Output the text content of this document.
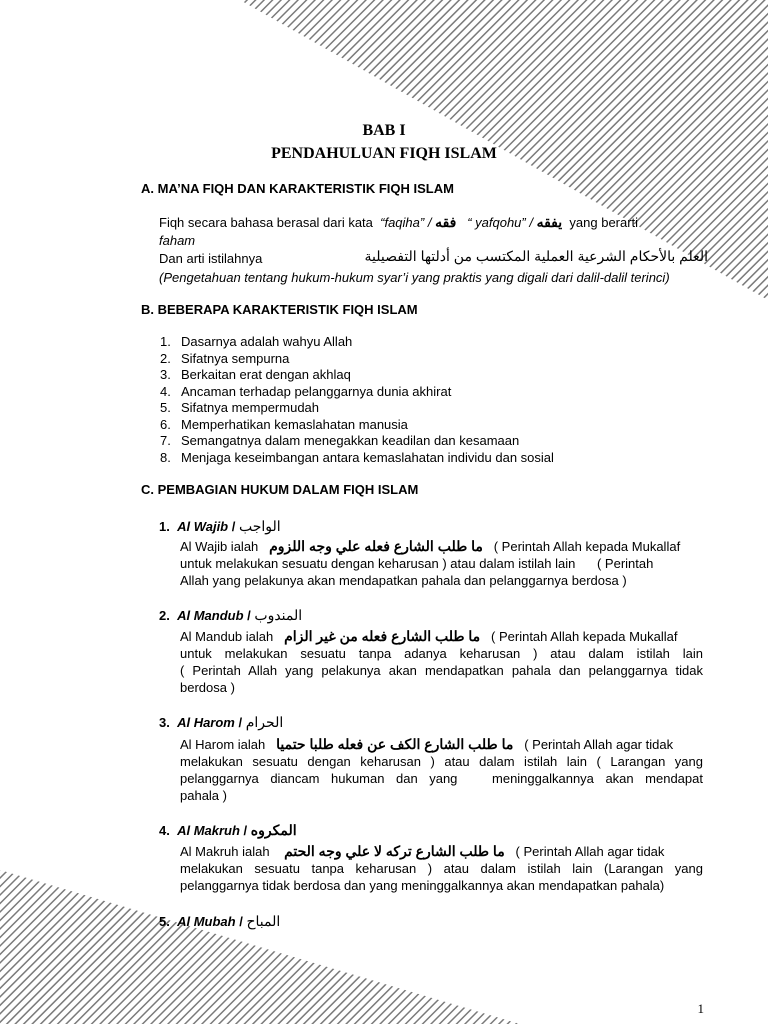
BAB I
PENDAHULUAN FIQH ISLAM
A. MA’NA FIQH DAN KARAKTERISTIK FIQH ISLAM
Fiqh secara bahasa berasal dari kata “faqiha” / فقه “ yafqohu” / يفقه yang berarti
faham
Dan arti istilahnya	العلم بالأحكام الشرعية العملية المكتسب من أدلتها التفصيلية
(Pengetahuan tentang hukum-hukum syar’i yang praktis yang digali dari dalil-dalil terinci)
B. BEBERAPA KARAKTERISTIK FIQH ISLAM
1. Dasarnya adalah wahyu Allah
2. Sifatnya sempurna
3. Berkaitan erat dengan akhlaq
4. Ancaman terhadap pelanggarnya dunia akhirat
5. Sifatnya mempermudah
6. Memperhatikan kemaslahatan manusia
7. Semangatnya dalam menegakkan keadilan dan kesamaan
8. Menjaga keseimbangan antara kemaslahatan individu dan sosial
C. PEMBAGIAN HUKUM DALAM FIQH ISLAM
1. Al Wajib / الواجب
Al Wajib ialah ما طلب الشارع فعله علي وجه اللزوم ( Perintah Allah kepada Mukallaf
untuk melakukan sesuatu dengan keharusan ) atau dalam istilah lain      ( Perintah
Allah yang pelakunya akan mendapatkan pahala dan pelanggarnya berdosa )
2. Al Mandub / المندوب
Al Mandub ialah ما طلب الشارع فعله من غير الزام ( Perintah Allah kepada Mukallaf
untuk melakukan sesuatu tanpa adanya keharusan ) atau dalam istilah lain
( Perintah Allah yang pelakunya akan mendapatkan pahala dan pelanggarnya tidak
berdosa )
3. Al Harom / الحرام
Al Harom ialah ما طلب الشارع الكف عن فعله طلبا حتميا ( Perintah Allah agar tidak
melakukan sesuatu dengan keharusan ) atau dalam istilah lain ( Larangan yang
pelanggarnya diancam hukuman dan yang   meninggalkannya akan mendapat
pahala )
4. Al Makruh / المكروه
Al Makruh ialah ما طلب الشارع تركه لا علي وجه الحتم ( Perintah Allah agar tidak
melakukan sesuatu tanpa keharusan ) atau dalam istilah lain (Larangan yang
pelanggarnya tidak berdosa dan yang meninggalkannya akan mendapatkan pahala)
5. Al Mubah / المباح
1
